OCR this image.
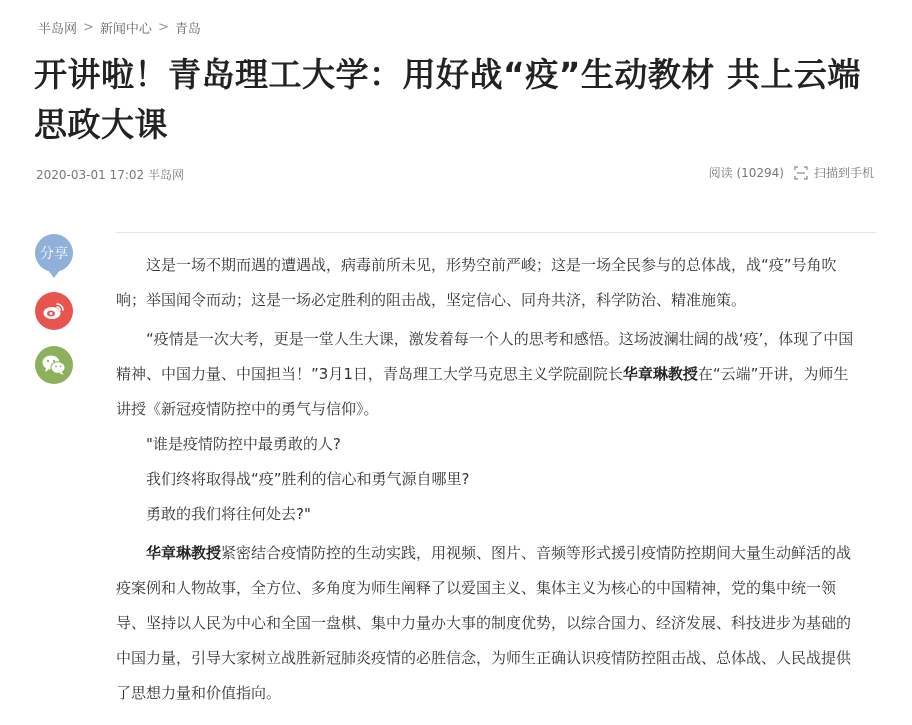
半岛网 > 新闻中心 > 青岛
开讲啦！青岛理工大学：用好战“疫”生动教材 共上云端思政大课
2020-03-01 17:02 半岛网	阅读 (10294)	扫描到手机
分享

这是一场不期而遇的遭遇战，病毒前所未见，形势空前严峻；这是一场全民参与的总体战，战“疫”号角吹响；举国闻令而动；这是一场必定胜利的阻击战，坚定信心、同舟共济，科学防治、精准施策。

“疫情是一次大考，更是一堂人生大课，激发着每一个人的思考和感悟。这场波澜壮阔的战‘疫’，体现了中国精神、中国力量、中国担当！”3月1日，青岛理工大学马克思主义学院副院长华章琳教授在“云端”开讲，为师生讲授《新冠疫情防控中的勇气与信仰》。

"谁是疫情防控中最勇敢的人?

我们终将取得战“疫”胜利的信心和勇气源自哪里?

勇敢的我们将往何处去?"

华章琳教授紧密结合疫情防控的生动实践，用视频、图片、音频等形式援引疫情防控期间大量生动鲜活的战疫案例和人物故事，全方位、多角度为师生阐释了以爱国主义、集体主义为核心的中国精神，党的集中统一领导、坚持以人民为中心和全国一盘棋、集中力量办大事的制度优势，以综合国力、经济发展、科技进步为基础的中国力量，引导大家树立战胜新冠肺炎疫情的必胜信念，为师生正确认识疫情防控阻击战、总体战、人民战提供了思想力量和价值指向。
